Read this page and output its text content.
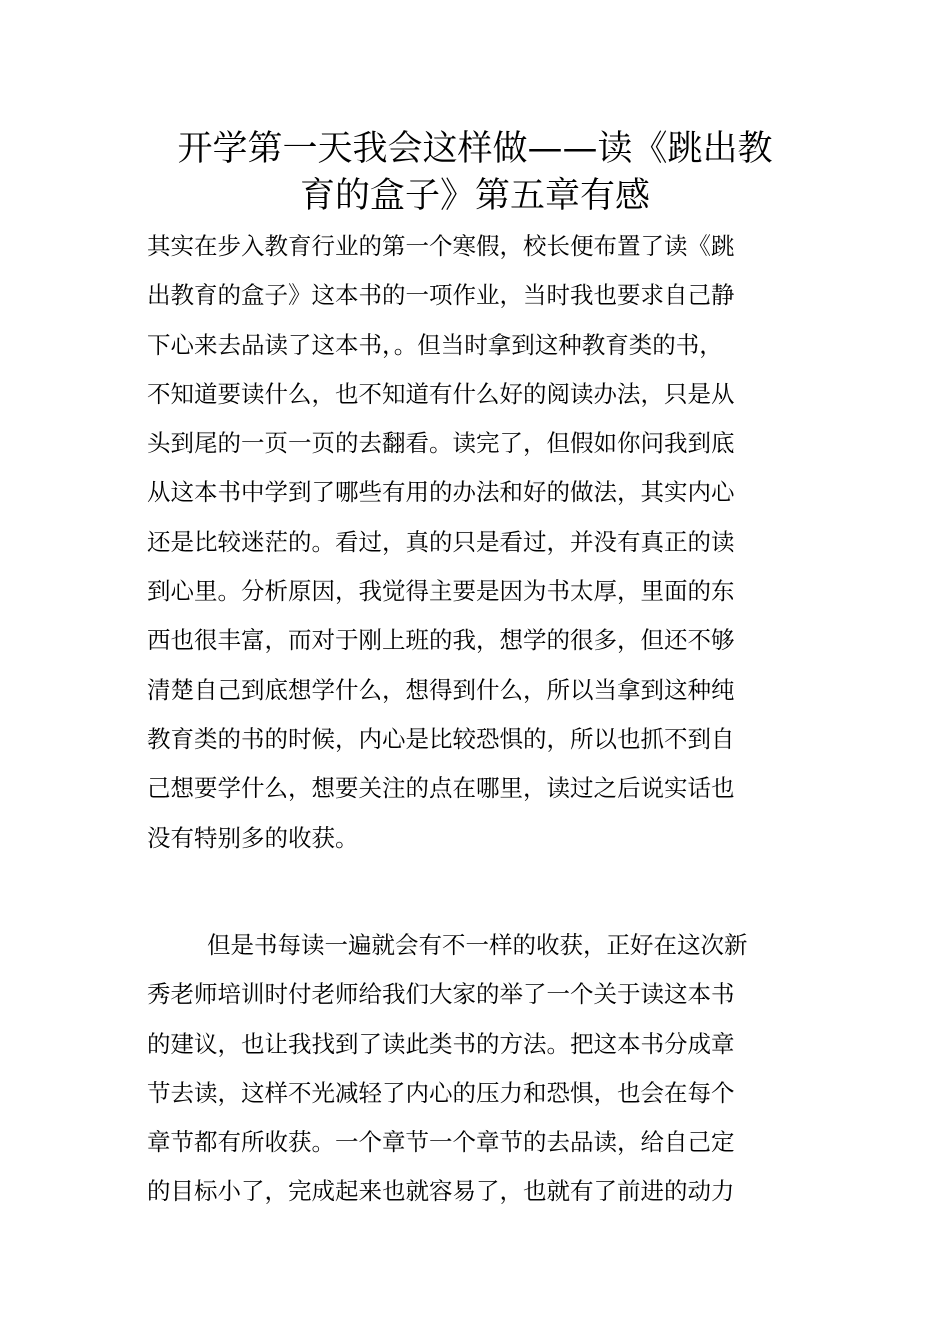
开学第一天我会这样做——读《跳出教
育的盒子》第五章有感
其实在步入教育行业的第一个寒假，校长便布置了读《跳
出教育的盒子》这本书的一项作业，当时我也要求自己静
下心来去品读了这本书，。但当时拿到这种教育类的书，
不知道要读什么，也不知道有什么好的阅读办法，只是从
头到尾的一页一页的去翻看。读完了，但假如你问我到底
从这本书中学到了哪些有用的办法和好的做法，其实内心
还是比较迷茫的。看过，真的只是看过，并没有真正的读
到心里。分析原因，我觉得主要是因为书太厚，里面的东
西也很丰富，而对于刚上班的我，想学的很多，但还不够
清楚自己到底想学什么，想得到什么，所以当拿到这种纯
教育类的书的时候，内心是比较恐惧的，所以也抓不到自
己想要学什么，想要关注的点在哪里，读过之后说实话也
没有特别多的收获。
但是书每读一遍就会有不一样的收获，正好在这次新
秀老师培训时付老师给我们大家的举了一个关于读这本书
的建议，也让我找到了读此类书的方法。把这本书分成章
节去读，这样不光减轻了内心的压力和恐惧，也会在每个
章节都有所收获。一个章节一个章节的去品读，给自己定
的目标小了，完成起来也就容易了，也就有了前进的动力
